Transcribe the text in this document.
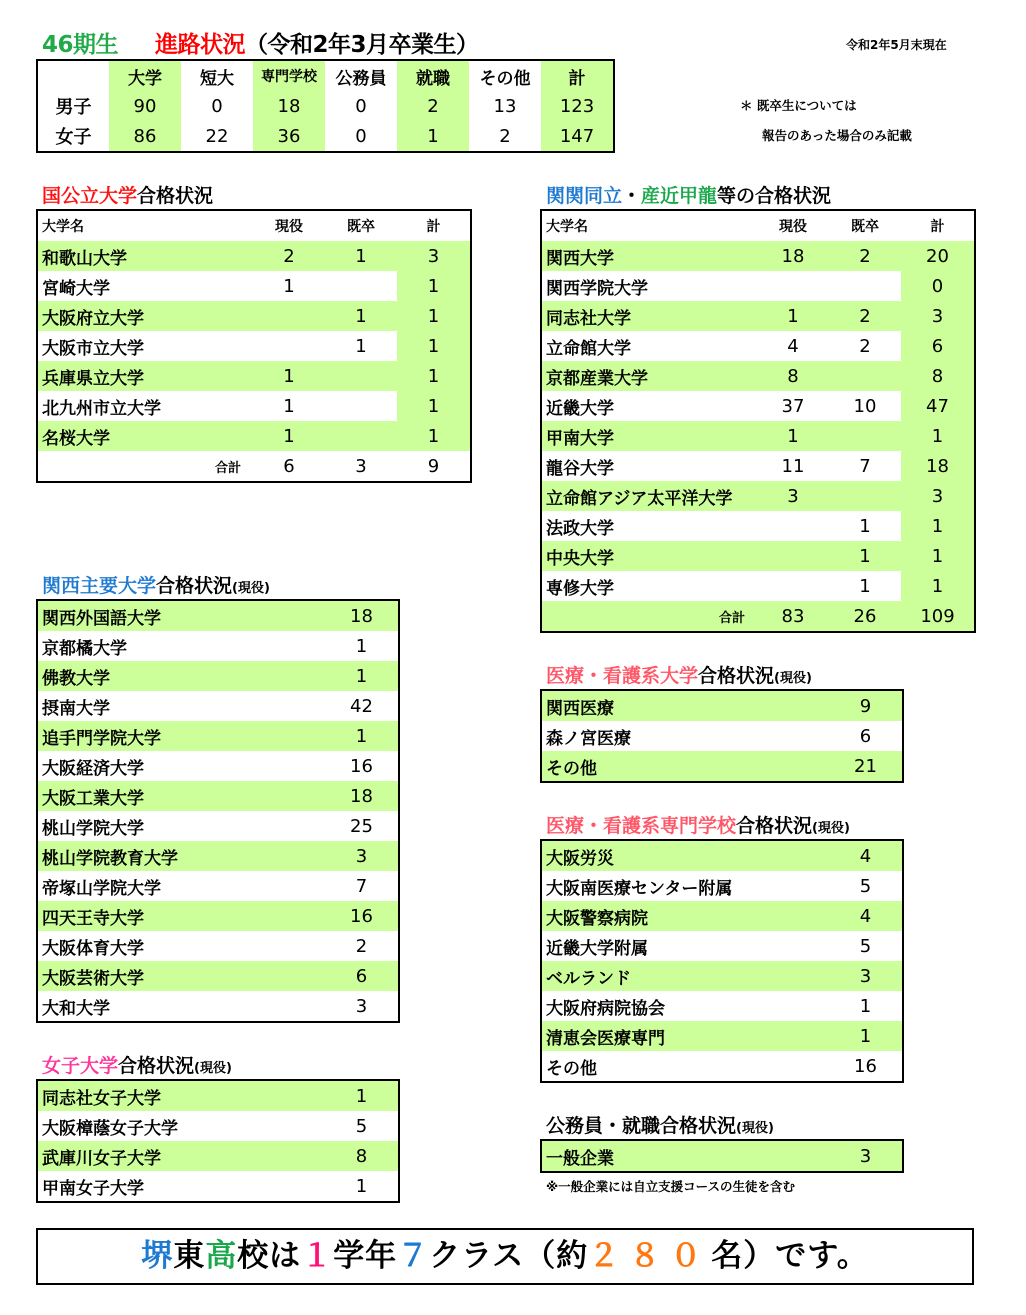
46期生 進路状況（令和2年3月卒業生）	令和2年5月末現在
＊ 既卒生については
報告のあった場合のみ記載
	大学	短大	専門学校	公務員	就職	その他	計
男子	90	0	18	0	2	13	123
女子	86	22	36	0	1	2	147
国公立大学合格状況
大学名	現役	既卒	計
和歌山大学	2	1	3
宮崎大学	1		1
大阪府立大学		1	1
大阪市立大学		1	1
兵庫県立大学	1		1
北九州市立大学	1		1
名桜大学	1		1
合計	6	3	9
関関同立・産近甲龍等の合格状況
大学名	現役	既卒	計
関西大学	18	2	20
関西学院大学			0
同志社大学	1	2	3
立命館大学	4	2	6
京都産業大学	8		8
近畿大学	37	10	47
甲南大学	1		1
龍谷大学	11	7	18
立命館アジア太平洋大学	3		3
法政大学		1	1
中央大学		1	1
専修大学		1	1
合計	83	26	109
関西主要大学合格状況(現役)
関西外国語大学	18
京都橘大学	1
佛教大学	1
摂南大学	42
追手門学院大学	1
大阪経済大学	16
大阪工業大学	18
桃山学院大学	25
桃山学院教育大学	3
帝塚山学院大学	7
四天王寺大学	16
大阪体育大学	2
大阪芸術大学	6
大和大学	3
女子大学合格状況(現役)
同志社女子大学	1
大阪樟蔭女子大学	5
武庫川女子大学	8
甲南女子大学	1
医療・看護系大学合格状況(現役)
関西医療	9
森ノ宮医療	6
その他	21
医療・看護系専門学校合格状況(現役)
大阪労災	4
大阪南医療センター附属	5
大阪警察病院	4
近畿大学附属	5
ベルランド	3
大阪府病院協会	1
清恵会医療専門	1
その他	16
公務員・就職合格状況(現役)
一般企業	3
※一般企業には自立支援コースの生徒を含む
堺東高校は１学年７クラス（約２８０名）です。
